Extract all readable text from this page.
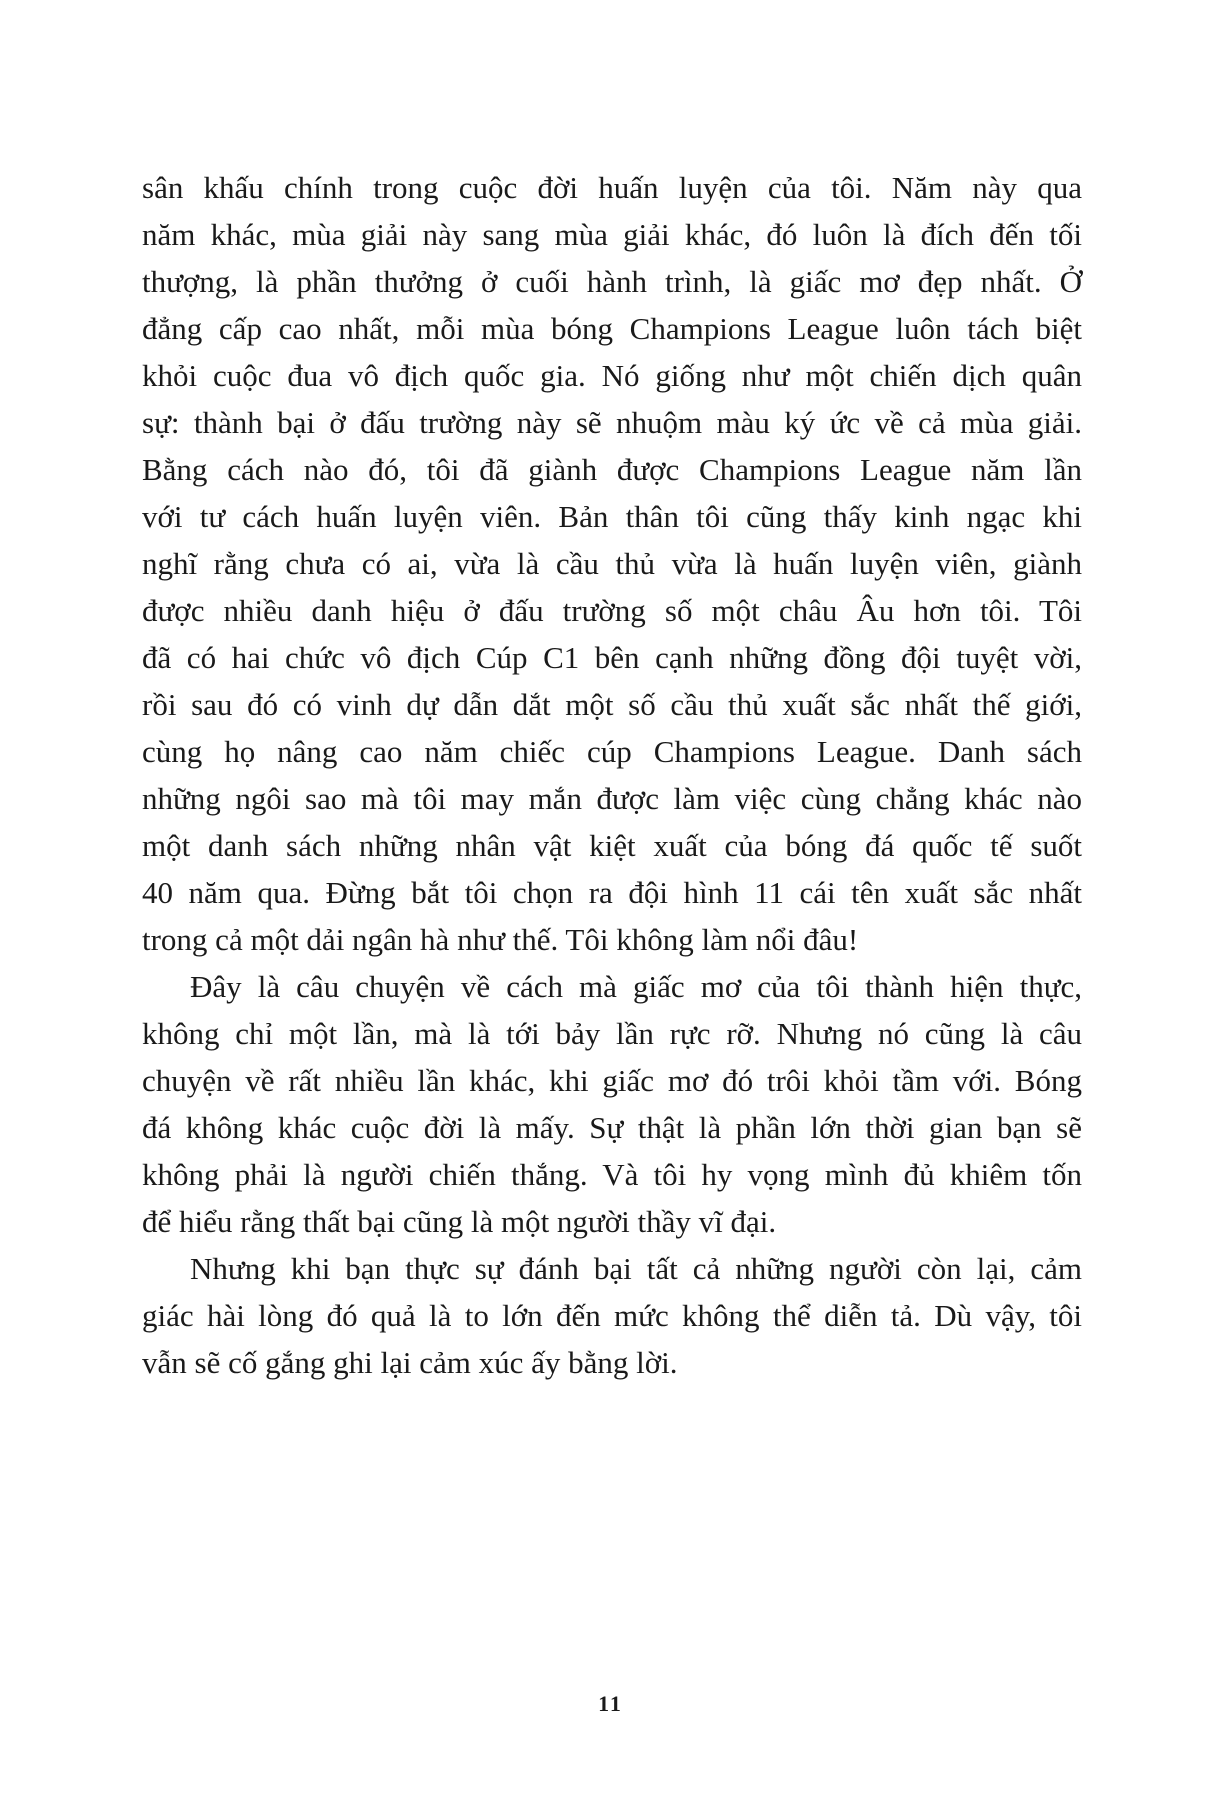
sân khấu chính trong cuộc đời huấn luyện của tôi. Năm này qua
năm khác, mùa giải này sang mùa giải khác, đó luôn là đích đến tối
thượng, là phần thưởng ở cuối hành trình, là giấc mơ đẹp nhất. Ở
đẳng cấp cao nhất, mỗi mùa bóng Champions League luôn tách biệt
khỏi cuộc đua vô địch quốc gia. Nó giống như một chiến dịch quân
sự: thành bại ở đấu trường này sẽ nhuộm màu ký ức về cả mùa giải.
Bằng cách nào đó, tôi đã giành được Champions League năm lần
với tư cách huấn luyện viên. Bản thân tôi cũng thấy kinh ngạc khi
nghĩ rằng chưa có ai, vừa là cầu thủ vừa là huấn luyện viên, giành
được nhiều danh hiệu ở đấu trường số một châu Âu hơn tôi. Tôi
đã có hai chức vô địch Cúp C1 bên cạnh những đồng đội tuyệt vời,
rồi sau đó có vinh dự dẫn dắt một số cầu thủ xuất sắc nhất thế giới,
cùng họ nâng cao năm chiếc cúp Champions League. Danh sách
những ngôi sao mà tôi may mắn được làm việc cùng chẳng khác nào
một danh sách những nhân vật kiệt xuất của bóng đá quốc tế suốt
40 năm qua. Đừng bắt tôi chọn ra đội hình 11 cái tên xuất sắc nhất
trong cả một dải ngân hà như thế. Tôi không làm nổi đâu!
Đây là câu chuyện về cách mà giấc mơ của tôi thành hiện thực,
không chỉ một lần, mà là tới bảy lần rực rỡ. Nhưng nó cũng là câu
chuyện về rất nhiều lần khác, khi giấc mơ đó trôi khỏi tầm với. Bóng
đá không khác cuộc đời là mấy. Sự thật là phần lớn thời gian bạn sẽ
không phải là người chiến thắng. Và tôi hy vọng mình đủ khiêm tốn
để hiểu rằng thất bại cũng là một người thầy vĩ đại.
Nhưng khi bạn thực sự đánh bại tất cả những người còn lại, cảm
giác hài lòng đó quả là to lớn đến mức không thể diễn tả. Dù vậy, tôi
vẫn sẽ cố gắng ghi lại cảm xúc ấy bằng lời.
11
